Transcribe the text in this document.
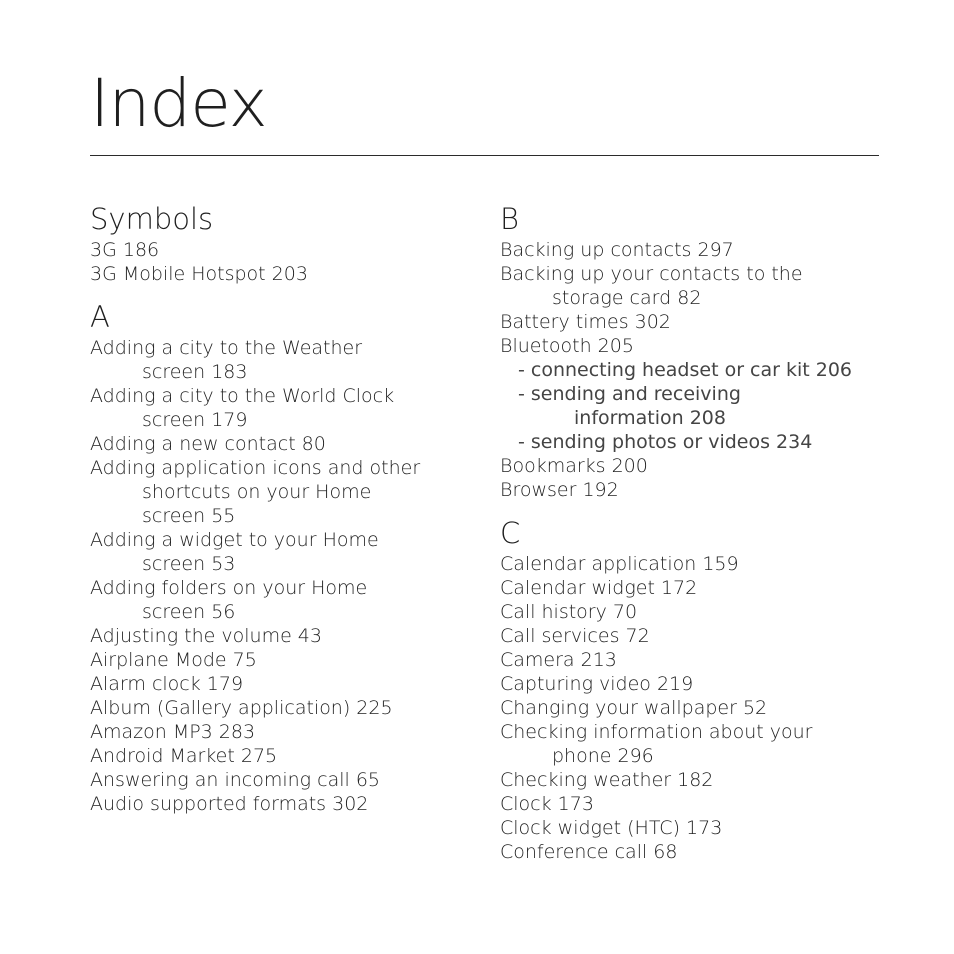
Index
Symbols
3G 186
3G Mobile Hotspot 203
A
Adding a city to the Weather
screen 183
Adding a city to the World Clock
screen 179
Adding a new contact 80
Adding application icons and other
shortcuts on your Home
screen 55
Adding a widget to your Home
screen 53
Adding folders on your Home
screen 56
Adjusting the volume 43
Airplane Mode 75
Alarm clock 179
Album (Gallery application) 225
Amazon MP3 283
Android Market 275
Answering an incoming call 65
Audio supported formats 302
B
Backing up contacts 297
Backing up your contacts to the
storage card 82
Battery times 302
Bluetooth 205
- connecting headset or car kit 206
- sending and receiving
information 208
- sending photos or videos 234
Bookmarks 200
Browser 192
C
Calendar application 159
Calendar widget 172
Call history 70
Call services 72
Camera 213
Capturing video 219
Changing your wallpaper 52
Checking information about your
phone 296
Checking weather 182
Clock 173
Clock widget (HTC) 173
Conference call 68
